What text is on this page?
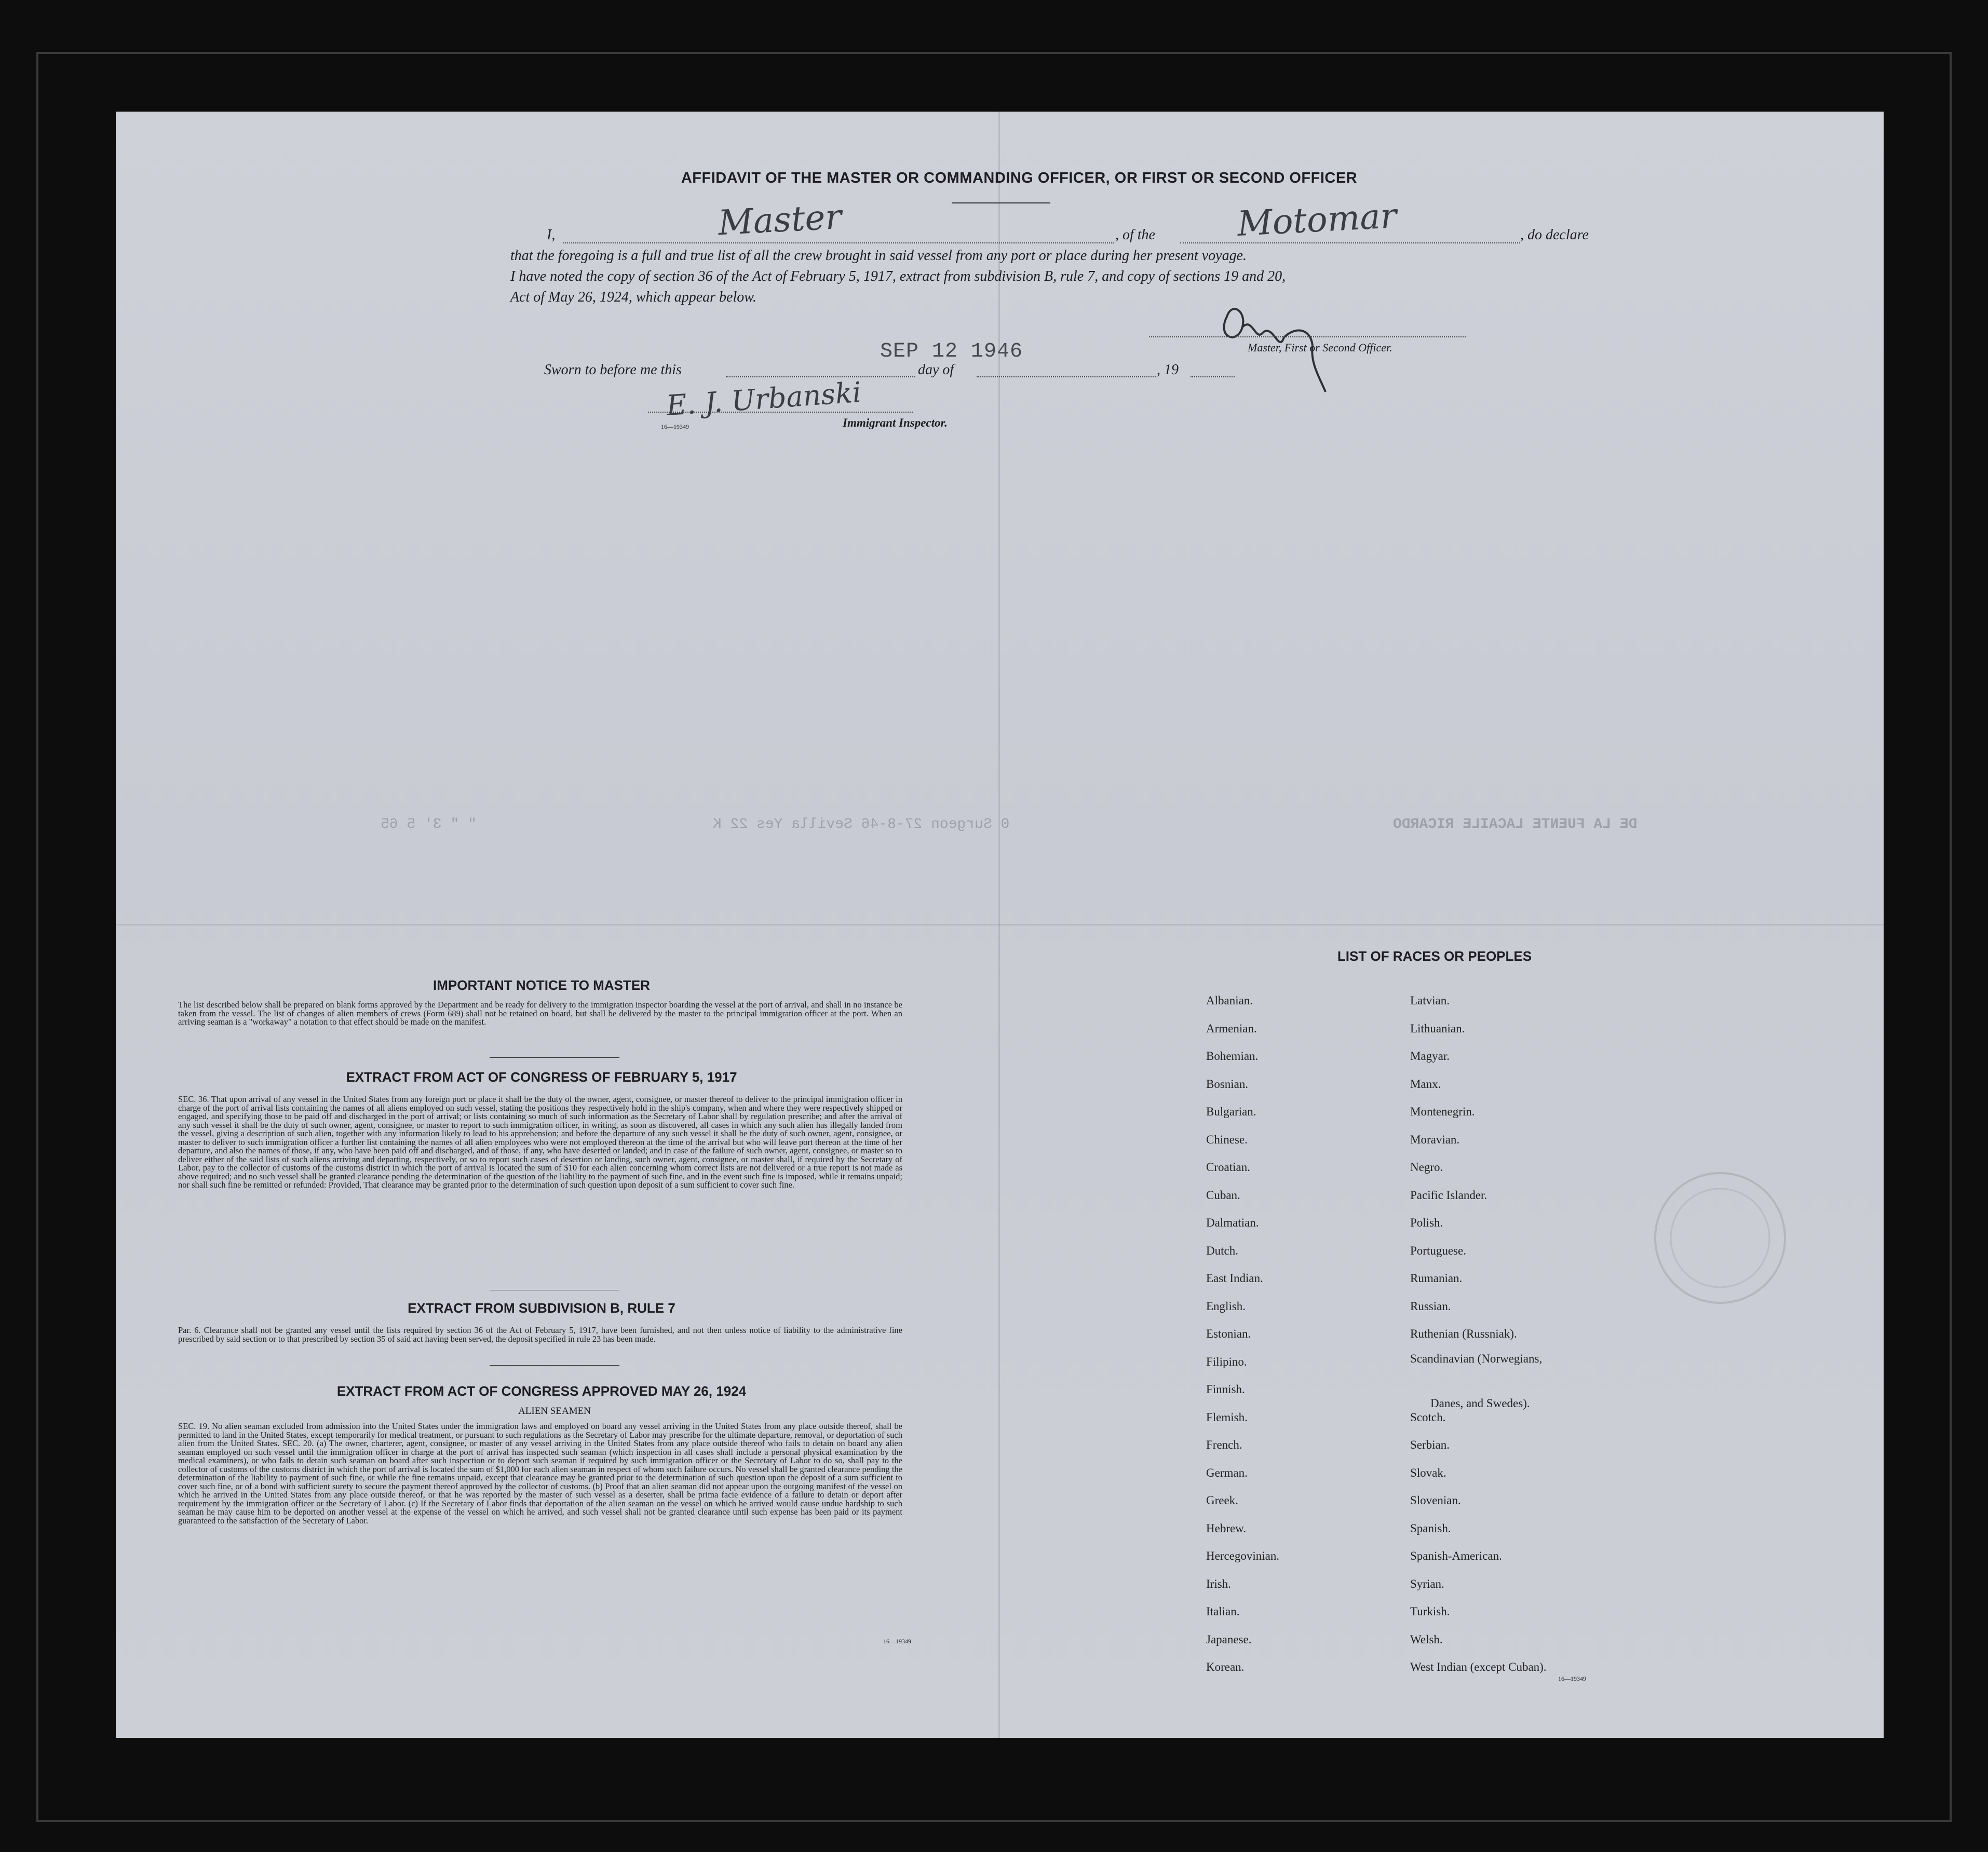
AFFIDAVIT OF THE MASTER OR COMMANDING OFFICER, OR FIRST OR SECOND OFFICER
I,	Master	, of the Motomar	, do declare
that the foregoing is a full and true list of all the crew brought in said vessel from any port or place during her present voyage.
I have noted the copy of section 36 of the Act of February 5, 1917, extract from subdivision B, rule 7, and copy of sections 19 and 20,
Act of May 26, 1924, which appear below.
Master, First or Second Officer.
SEP 12 1946
Sworn to before me this	day of	, 19
E. J. Urbanski
16—19349	Immigrant Inspector.
" " 3' 5 65	0 Surgeon 27-8-46 Sevilla Yes 22 K	DE LA FUENTE LACAILE RICARDO
IMPORTANT NOTICE TO MASTER
The list described below shall be prepared on blank forms approved by the Department and be ready for delivery to the immigration inspector boarding the vessel at the port of arrival, and shall in no instance be taken from the vessel. The list of changes of alien members of crews (Form 689) shall not be retained on board, but shall be delivered by the master to the principal immigration officer at the port. When an arriving seaman is a "workaway" a notation to that effect should be made on the manifest.
EXTRACT FROM ACT OF CONGRESS OF FEBRUARY 5, 1917
SEC. 36. That upon arrival of any vessel in the United States from any foreign port or place it shall be the duty of the owner, agent, consignee, or master thereof to deliver to the principal immigration officer in charge of the port of arrival lists containing the names of all aliens employed on such vessel, stating the positions they respectively hold in the ship's company, when and where they were respectively shipped or engaged, and specifying those to be paid off and discharged in the port of arrival; or lists containing so much of such information as the Secretary of Labor shall by regulation prescribe; and after the arrival of any such vessel it shall be the duty of such owner, agent, consignee, or master to report to such immigration officer, in writing, as soon as discovered, all cases in which any such alien has illegally landed from the vessel, giving a description of such alien, together with any information likely to lead to his apprehension; and before the departure of any such vessel it shall be the duty of such owner, agent, consignee, or master to deliver to such immigration officer a further list containing the names of all alien employees who were not employed thereon at the time of the arrival but who will leave port thereon at the time of her departure, and also the names of those, if any, who have been paid off and discharged, and of those, if any, who have deserted or landed; and in case of the failure of such owner, agent, consignee, or master so to deliver either of the said lists of such aliens arriving and departing, respectively, or so to report such cases of desertion or landing, such owner, agent, consignee, or master shall, if required by the Secretary of Labor, pay to the collector of customs of the customs district in which the port of arrival is located the sum of $10 for each alien concerning whom correct lists are not delivered or a true report is not made as above required; and no such vessel shall be granted clearance pending the determination of the question of the liability to the payment of such fine, and in the event such fine is imposed, while it remains unpaid; nor shall such fine be remitted or refunded: Provided, That clearance may be granted prior to the determination of such question upon deposit of a sum sufficient to cover such fine.
EXTRACT FROM SUBDIVISION B, RULE 7
Par. 6. Clearance shall not be granted any vessel until the lists required by section 36 of the Act of February 5, 1917, have been furnished, and not then unless notice of liability to the administrative fine prescribed by said section or to that prescribed by section 35 of said act having been served, the deposit specified in rule 23 has been made.
EXTRACT FROM ACT OF CONGRESS APPROVED MAY 26, 1924
ALIEN SEAMEN
SEC. 19. No alien seaman excluded from admission into the United States under the immigration laws and employed on board any vessel arriving in the United States from any place outside thereof, shall be permitted to land in the United States, except temporarily for medical treatment, or pursuant to such regulations as the Secretary of Labor may prescribe for the ultimate departure, removal, or deportation of such alien from the United States. SEC. 20. (a) The owner, charterer, agent, consignee, or master of any vessel arriving in the United States from any place outside thereof who fails to detain on board any alien seaman employed on such vessel until the immigration officer in charge at the port of arrival has inspected such seaman (which inspection in all cases shall include a personal physical examination by the medical examiners), or who fails to detain such seaman on board after such inspection or to deport such seaman if required by such immigration officer or the Secretary of Labor to do so, shall pay to the collector of customs of the customs district in which the port of arrival is located the sum of $1,000 for each alien seaman in respect of whom such failure occurs. No vessel shall be granted clearance pending the determination of the liability to payment of such fine, or while the fine remains unpaid, except that clearance may be granted prior to the determination of such question upon the deposit of a sum sufficient to cover such fine, or of a bond with sufficient surety to secure the payment thereof approved by the collector of customs. (b) Proof that an alien seaman did not appear upon the outgoing manifest of the vessel on which he arrived in the United States from any place outside thereof, or that he was reported by the master of such vessel as a deserter, shall be prima facie evidence of a failure to detain or deport after requirement by the immigration officer or the Secretary of Labor. (c) If the Secretary of Labor finds that deportation of the alien seaman on the vessel on which he arrived would cause undue hardship to such seaman he may cause him to be deported on another vessel at the expense of the vessel on which he arrived, and such vessel shall not be granted clearance until such expense has been paid or its payment guaranteed to the satisfaction of the Secretary of Labor.
16—19349
LIST OF RACES OR PEOPLES
Albanian.
Armenian.
Bohemian.
Bosnian.
Bulgarian.
Chinese.
Croatian.
Cuban.
Dalmatian.
Dutch.
East Indian.
English.
Estonian.
Filipino.
Finnish.
Flemish.
French.
German.
Greek.
Hebrew.
Hercegovinian.
Irish.
Italian.
Japanese.
Korean.
Latvian.
Lithuanian.
Magyar.
Manx.
Montenegrin.
Moravian.
Negro.
Pacific Islander.
Polish.
Portuguese.
Rumanian.
Russian.
Ruthenian (Russniak).
Scandinavian (Norwegians,
Danes, and Swedes).
Scotch.
Serbian.
Slovak.
Slovenian.
Spanish.
Spanish-American.
Syrian.
Turkish.
Welsh.
West Indian (except Cuban).
16—19349
